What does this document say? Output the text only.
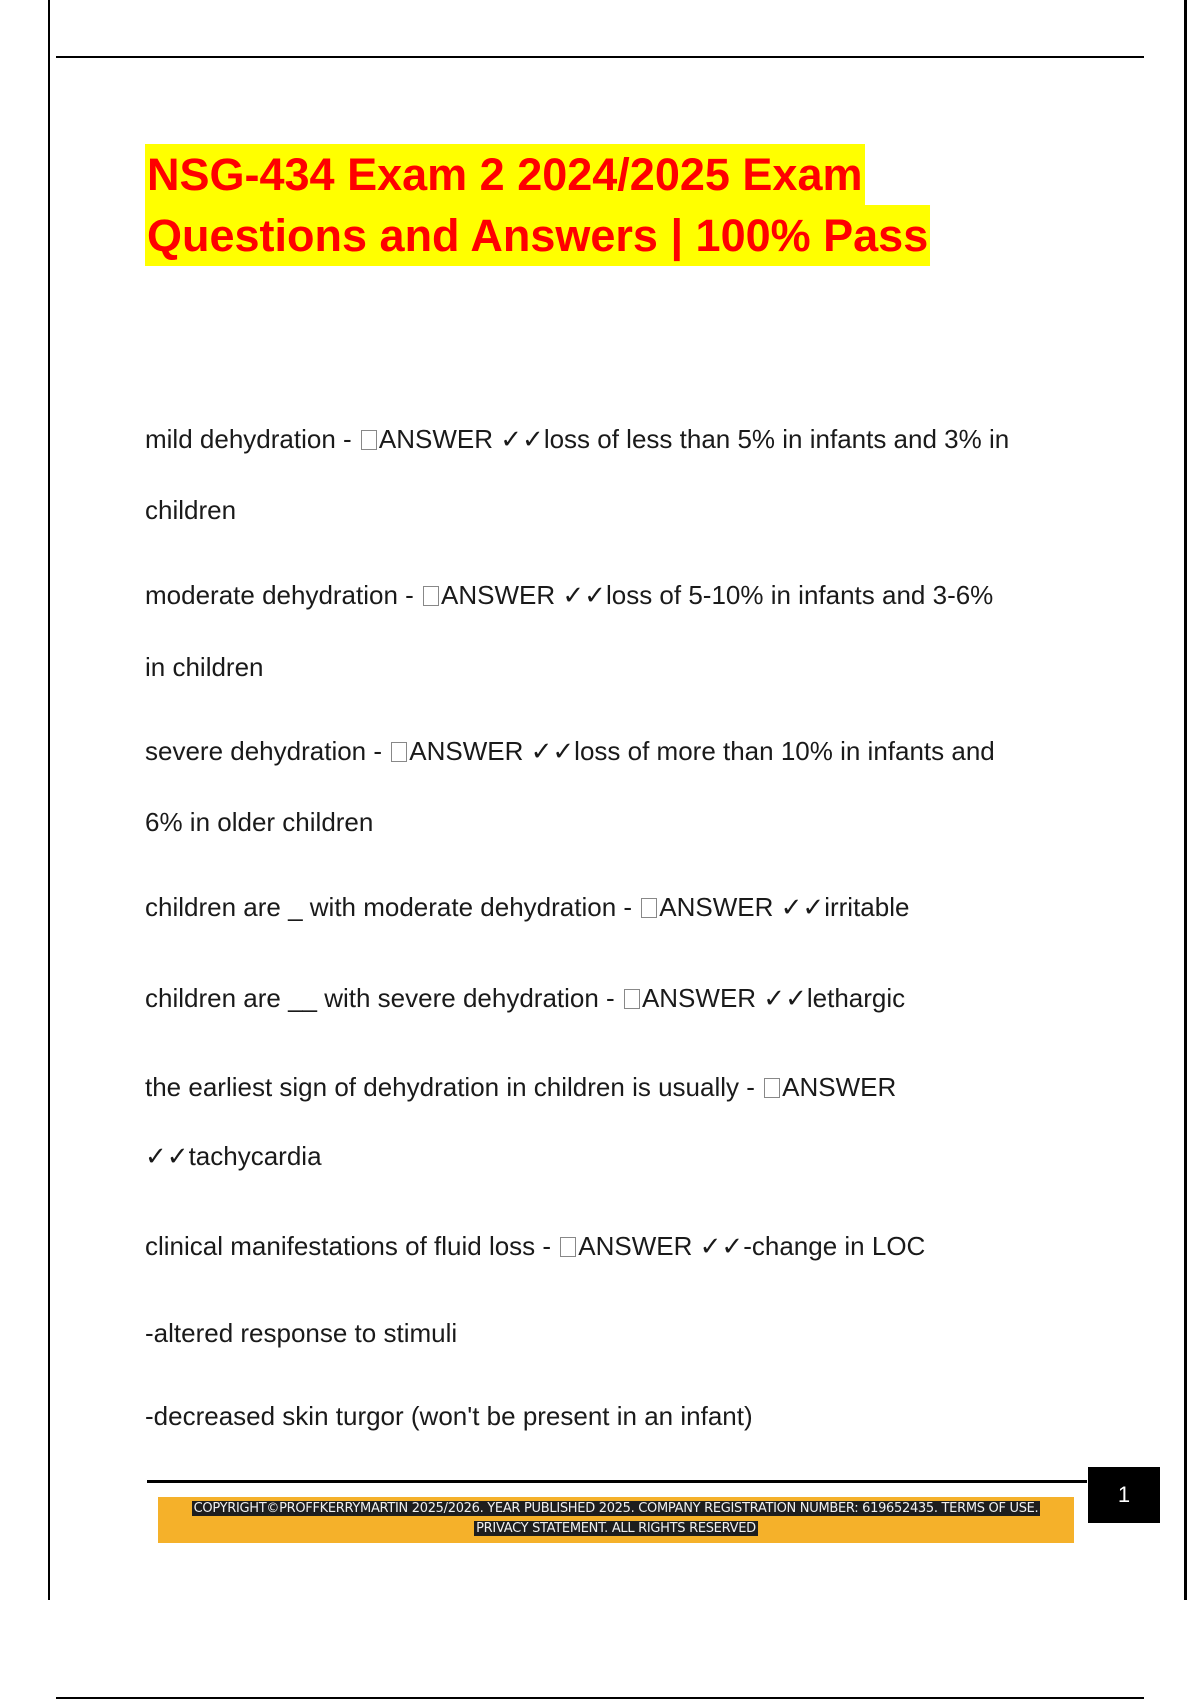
NSG-434 Exam 2 2024/2025 Exam
Questions and Answers | 100% Pass

mild dehydration - ANSWER ✓✓loss of less than 5% in infants and 3% in

children

moderate dehydration - ANSWER ✓✓loss of 5-10% in infants and 3-6%

in children

severe dehydration - ANSWER ✓✓loss of more than 10% in infants and

6% in older children

children are _ with moderate dehydration - ANSWER ✓✓irritable

children are __ with severe dehydration - ANSWER ✓✓lethargic

the earliest sign of dehydration in children is usually - ANSWER

✓✓tachycardia

clinical manifestations of fluid loss - ANSWER ✓✓-change in LOC

-altered response to stimuli

-decreased skin turgor (won't be present in an infant)

1
COPYRIGHT©PROFFKERRYMARTIN 2025/2026. YEAR PUBLISHED 2025. COMPANY REGISTRATION NUMBER: 619652435. TERMS OF USE.
PRIVACY STATEMENT. ALL RIGHTS RESERVED
